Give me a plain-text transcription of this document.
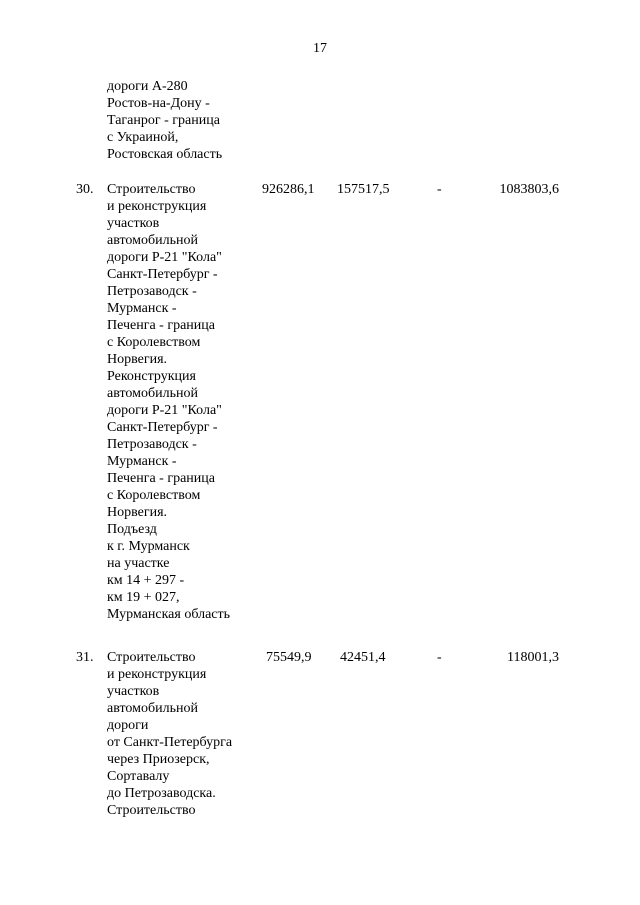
17
дороги А-280
Ростов-на-Дону -
Таганрог - граница
с Украиной,
Ростовская область
30. Строительство
и реконструкция
участков
автомобильной
дороги Р-21 "Кола"
Санкт-Петербург -
Петрозаводск -
Мурманск -
Печенга - граница
с Королевством
Норвегия.
Реконструкция
автомобильной
дороги Р-21 "Кола"
Санкт-Петербург -
Петрозаводск -
Мурманск -
Печенга - граница
с Королевством
Норвегия.
Подъезд
к г. Мурманск
на участке
км 14 + 297 -
км 19 + 027,
Мурманская область
926286,1 157517,5	-	1083803,6
31. Строительство
и реконструкция
участков
автомобильной
дороги
от Санкт-Петербурга
через Приозерск,
Сортавалу
до Петрозаводска.
Строительство
75549,9 42451,4	-	118001,3
